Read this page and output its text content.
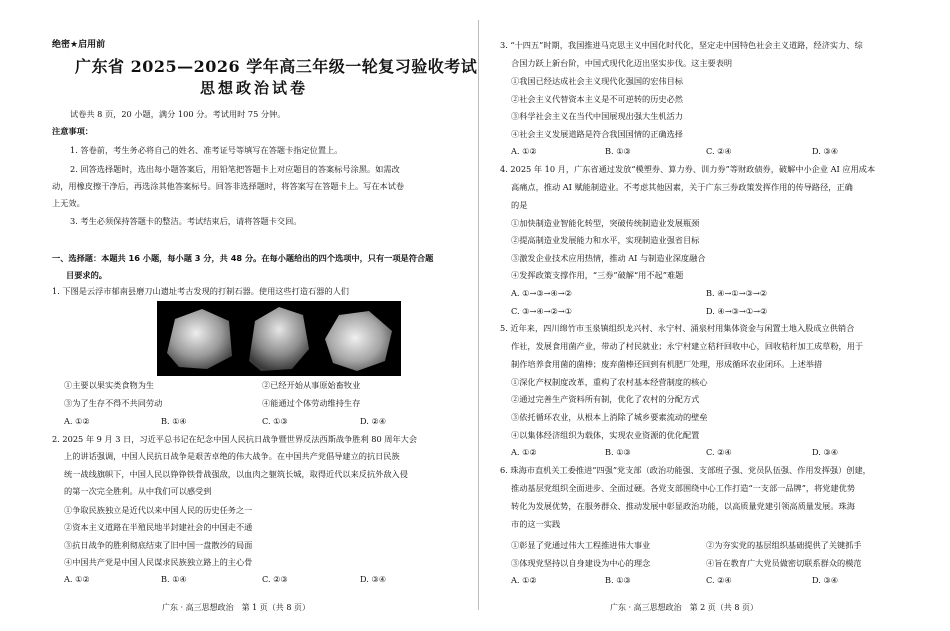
绝密★启用前
广东省 2025—2026 学年高三年级一轮复习验收考试
思想政治试卷
试卷共 8 页，20 小题，满分 100 分。考试用时 75 分钟。
注意事项：
1. 答卷前，考生务必将自己的姓名、准考证号等填写在答题卡指定位置上。
2. 回答选择题时，选出每小题答案后，用铅笔把答题卡上对应题目的答案标号涂黑。如需改
动，用橡皮擦干净后，再选涂其他答案标号。回答非选择题时，将答案写在答题卡上。写在本试卷
上无效。
3. 考生必须保持答题卡的整洁。考试结束后，请将答题卡交回。
一、选择题：本题共 16 小题，每小题 3 分，共 48 分。在每小题给出的四个选项中，只有一项是符合题
目要求的。
1. 下图是云浮市郁南县磨刀山遗址考古发现的打制石器。使用这些打造石器的人们
①主要以果实类食物为生	②已经开始从事原始畜牧业
③为了生存不得不共同劳动	④能通过个体劳动维持生存
A. ①②	B. ①④	C. ①③	D. ②④
2. 2025 年 9 月 3 日，习近平总书记在纪念中国人民抗日战争暨世界反法西斯战争胜利 80 周年大会
上的讲话强调，中国人民抗日战争是艰苦卓绝的伟大战争。在中国共产党倡导建立的抗日民族
统一战线旗帜下，中国人民以铮铮铁骨战强敌，以血肉之躯筑长城，取得近代以来反抗外敌入侵
的第一次完全胜利。从中我们可以感受到
①争取民族独立是近代以来中国人民的历史任务之一
②资本主义道路在半殖民地半封建社会的中国走不通
③抗日战争的胜利彻底结束了旧中国一盘散沙的局面
④中国共产党是中国人民谋求民族独立路上的主心骨
A. ①②	B. ①④	C. ②③	D. ③④
广东 · 高三思想政治　第 1 页（共 8 页）
3. “十四五”时期，我国推进马克思主义中国化时代化，坚定走中国特色社会主义道路，经济实力、综
合国力跃上新台阶，中国式现代化迈出坚实步伐。这主要表明
①我国已经达成社会主义现代化强国的宏伟目标
②社会主义代替资本主义是不可逆转的历史必然
③科学社会主义在当代中国展现出强大生机活力
④社会主义发展道路是符合我国国情的正确选择
A. ①②	B. ①③	C. ②④	D. ③④
4. 2025 年 10 月，广东省通过发放“模塑券、算力券、训力券”等财政债券，破解中小企业 AI 应用成本
高痛点，推动 AI 赋能制造业。不考虑其他因素，关于广东三券政策发挥作用的传导路径，正确
的是
①加快制造业智能化转型，突破传统制造业发展瓶颈
②提高制造业发展能力和水平，实现制造业强省目标
③激发企业技术应用热情，推动 AI 与制造业深度融合
④发挥政策支撑作用，“三券”破解“用不起”难题
A. ①→③→④→②	B. ④→①→③→②
C. ③→④→②→①	D. ④→③→①→②
5. 近年来，四川绵竹市玉泉镇组织龙兴村、永宁村、涌泉村用集体资金与闲置土地入股成立供销合
作社，发展食用菌产业，带动了村民就业；永宁村建立秸秆回收中心，回收秸秆加工成草粉，用于
制作培养食用菌的菌棒；废弃菌棒还回到有机肥厂处理，形成循环农业闭环。上述举措
①深化产权制度改革，重构了农村基本经营制度的核心
②通过完善生产资料所有制，优化了农村的分配方式
③依托循环农业，从根本上消除了城乡要素流动的壁垒
④以集体经济组织为载体，实现农业资源的优化配置
A. ①②	B. ①③	C. ②④	D. ③④
6. 珠海市直机关工委推进“四强”党支部（政治功能强、支部班子强、党员队伍强、作用发挥强）创建，
推动基层党组织全面进步、全面过硬。各党支部围绕中心工作打造“一支部一品牌”，将党建优势
转化为发展优势，在服务群众、推动发展中彰显政治功能，以高质量党建引领高质量发展。珠海
市的这一实践
①彰显了党通过伟大工程推进伟大事业	②为夯实党的基层组织基础提供了关键抓手
③体现党坚持以自身建设为中心的理念	④旨在教育广大党员做密切联系群众的模范
A. ①②	B. ①③	C. ②④	D. ③④
广东 · 高三思想政治　第 2 页（共 8 页）
